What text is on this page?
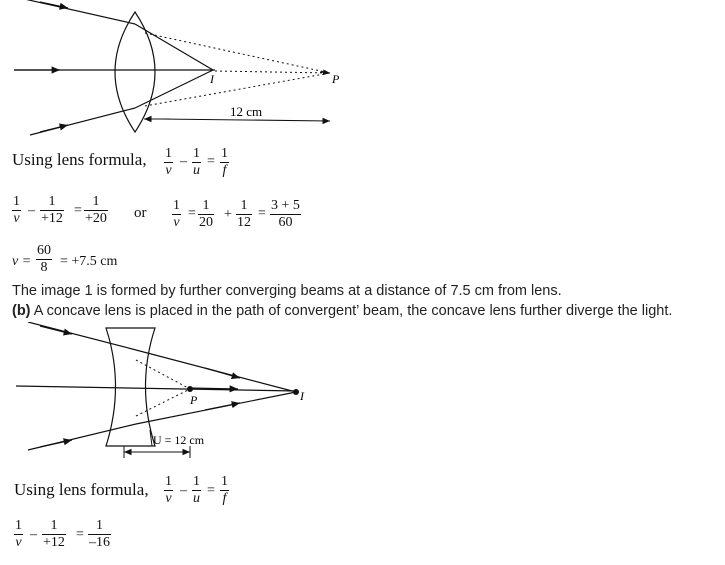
I	P
12 cm
Using lens formula, $\frac{1}{v} - \frac{1}{u} = \frac{1}{f}$
$\frac{1}{v} - \frac{1}{+12} = \frac{1}{+20}$ or $\frac{1}{v} = \frac{1}{20} + \frac{1}{12} = \frac{3 + 5}{60}$
$v = \frac{60}{8} = +7.5$ cm
The image 1 is formed by further converging beams at a distance of 7.5 cm from lens.
(b) A concave lens is placed in the path of convergent’ beam, the concave lens further diverge the light.
P	I
U = 12 cm
Using lens formula, $\frac{1}{v} - \frac{1}{u} = \frac{1}{f}$
$\frac{1}{v} - \frac{1}{+12} = \frac{1}{-16}$
